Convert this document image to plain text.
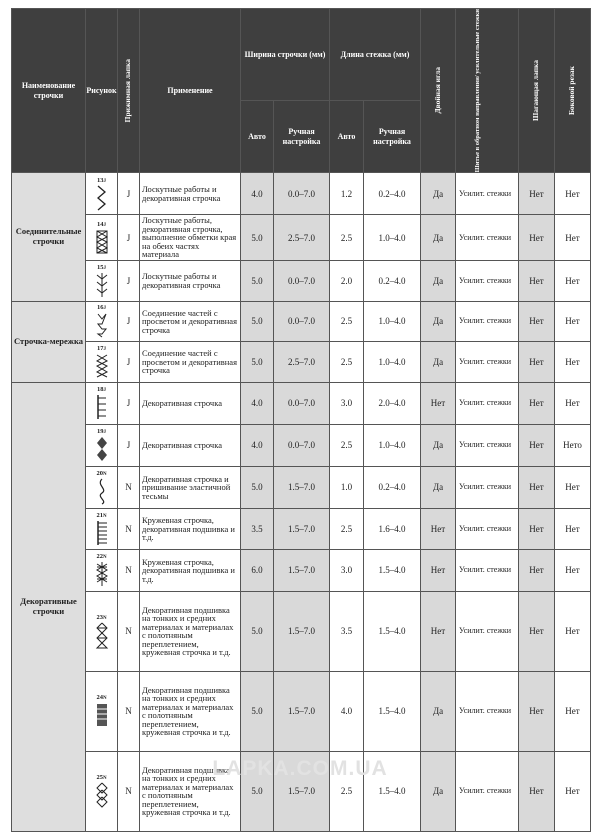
Наименование строчки	Рисунок	Прижимная лапка	Применение	Ширина строчки (мм)		Длина стежка (мм)		Двойная игла	Шитье в обратном направлении/ усилительные стежки	Шагающая лапка	Боковой резак

				Авто	Ручная настройка	Авто	Ручная настройка				
Соединительные строчки	13J	J	Лоскутные работы и декоративная строчка	4.0	0.0–7.0	1.2	0.2–4.0	Да	Усилит. стежки	Нет	Нет

	14J	J	Лоскутные работы, декоративная строчка, выполнение обметки края на обеих частях материала	5.0	2.5–7.0	2.5	1.0–4.0	Да	Усилит. стежки	Нет	Нет

	15J	J	Лоскутные работы и декоративная строчка	5.0	0.0–7.0	2.0	0.2–4.0	Да	Усилит. стежки	Нет	Нет
Строчка-мережка	16J	J	Соединение частей с просветом и декоративная строчка	5.0	0.0–7.0	2.5	1.0–4.0	Да	Усилит. стежки	Нет	Нет

	17J	J	Соединение частей с просветом и декоративная строчка	5.0	2.5–7.0	2.5	1.0–4.0	Да	Усилит. стежки	Нет	Нет
Декоративные строчки	18J	J	Декоративная строчка	4.0	0.0–7.0	3.0	2.0–4.0	Нет	Усилит. стежки	Нет	Нет

	19J	J	Декоративная строчка	4.0	0.0–7.0	2.5	1.0–4.0	Да	Усилит. стежки	Нет	Нето

	20N	N	Декоративная строчка и пришивание эластичной тесьмы	5.0	1.5–7.0	1.0	0.2–4.0	Да	Усилит. стежки	Нет	Нет

	21N	N	Кружевная строчка, декоративная подшивка и т.д.	3.5	1.5–7.0	2.5	1.6–4.0	Нет	Усилит. стежки	Нет	Нет

	22N	N	Кружевная строчка, декоративная подшивка и т.д.	6.0	1.5–7.0	3.0	1.5–4.0	Нет	Усилит. стежки	Нет	Нет

	23N	N	Декоративная подшивка на тонких и средних материалах и материалах с полотняным переплетением, кружевная строчка и т.д.	5.0	1.5–7.0	3.5	1.5–4.0	Нет	Усилит. стежки	Нет	Нет

	24N	N	Декоративная подшивка на тонких и средних материалах и материалах с полотняным переплетением, кружевная строчка и т.д.	5.0	1.5–7.0	4.0	1.5–4.0	Да	Усилит. стежки	Нет	Нет

	25N	N	Декоративная подшивка на тонких и средних материалах и материалах с полотняным переплетением, кружевная строчка и т.д.	5.0	1.5–7.0	2.5	1.5–4.0	Да	Усилит. стежки	Нет	Нет
LAPKA.COM.UA
